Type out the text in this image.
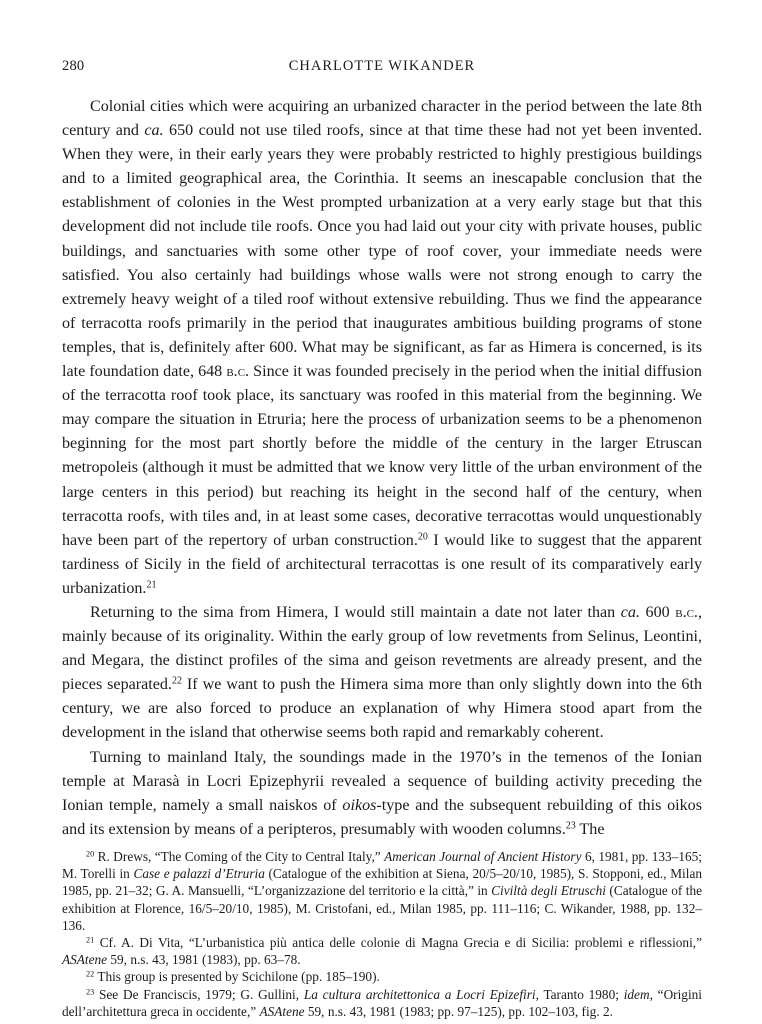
280	CHARLOTTE WIKANDER

Colonial cities which were acquiring an urbanized character in the period between the late 8th century and ca. 650 could not use tiled roofs, since at that time these had not yet been invented. When they were, in their early years they were probably restricted to highly prestigious buildings and to a limited geographical area, the Corinthia. It seems an inescapable conclusion that the establishment of colonies in the West prompted urbanization at a very early stage but that this development did not include tile roofs. Once you had laid out your city with private houses, public buildings, and sanctuaries with some other type of roof cover, your immediate needs were satisfied. You also certainly had buildings whose walls were not strong enough to carry the extremely heavy weight of a tiled roof without extensive rebuilding. Thus we find the appearance of terracotta roofs primarily in the period that inaugurates ambitious building programs of stone temples, that is, definitely after 600. What may be significant, as far as Himera is concerned, is its late foundation date, 648 b.c. Since it was founded precisely in the period when the initial diffusion of the terracotta roof took place, its sanctuary was roofed in this material from the beginning. We may compare the situation in Etruria; here the process of urbanization seems to be a phenomenon beginning for the most part shortly before the middle of the century in the larger Etruscan metropoleis (although it must be admitted that we know very little of the urban environment of the large centers in this period) but reaching its height in the second half of the century, when terracotta roofs, with tiles and, in at least some cases, decorative terracottas would unquestionably have been part of the repertory of urban construction.$^{20}$ I would like to suggest that the apparent tardiness of Sicily in the field of architectural terracottas is one result of its comparatively early urbanization.$^{21}$

Returning to the sima from Himera, I would still maintain a date not later than ca. 600 b.c., mainly because of its originality. Within the early group of low revetments from Selinus, Leontini, and Megara, the distinct profiles of the sima and geison revetments are already present, and the pieces separated.$^{22}$ If we want to push the Himera sima more than only slightly down into the 6th century, we are also forced to produce an explanation of why Himera stood apart from the development in the island that otherwise seems both rapid and remarkably coherent.

Turning to mainland Italy, the soundings made in the 1970’s in the temenos of the Ionian temple at Marasà in Locri Epizephyrii revealed a sequence of building activity preceding the Ionian temple, namely a small naiskos of oikos-type and the subsequent rebuilding of this oikos and its extension by means of a peripteros, presumably with wooden columns.$^{23}$ The

$^{20}$ R. Drews, “The Coming of the City to Central Italy,” American Journal of Ancient History 6, 1981, pp. 133–165; M. Torelli in Case e palazzi d’Etruria (Catalogue of the exhibition at Siena, 20/5–20/10, 1985), S. Stopponi, ed., Milan 1985, pp. 21–32; G. A. Mansuelli, “L’organizzazione del territorio e la città,” in Civiltà degli Etruschi (Catalogue of the exhibition at Florence, 16/5–20/10, 1985), M. Cristofani, ed., Milan 1985, pp. 111–116; C. Wikander, 1988, pp. 132–136.

$^{21}$ Cf. A. Di Vita, “L’urbanistica più antica delle colonie di Magna Grecia e di Sicilia: problemi e riflessioni,” ASAtene 59, n.s. 43, 1981 (1983), pp. 63–78.

$^{22}$ This group is presented by Scichilone (pp. 185–190).

$^{23}$ See De Franciscis, 1979; G. Gullini, La cultura architettonica a Locri Epizefiri, Taranto 1980; idem, “Origini dell’architettura greca in occidente,” ASAtene 59, n.s. 43, 1981 (1983; pp. 97–125), pp. 102–103, fig. 2.
